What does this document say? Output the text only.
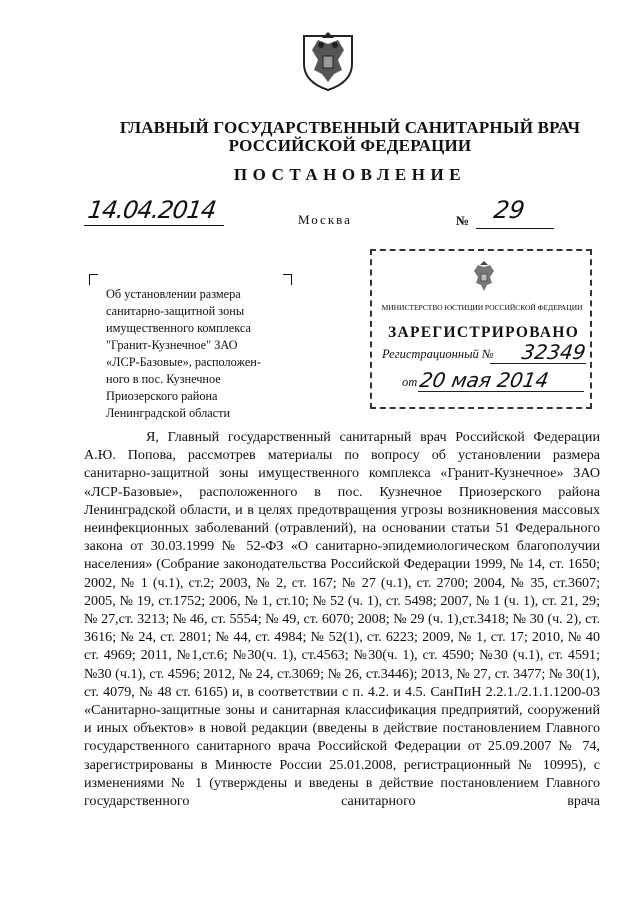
ГЛАВНЫЙ ГОСУДАРСТВЕННЫЙ САНИТАРНЫЙ ВРАЧ
РОССИЙСКОЙ ФЕДЕРАЦИИ
ПОСТАНОВЛЕНИЕ
14.04.2014	Москва	№ 29
Об установлении размера
санитарно-защитной зоны
имущественного комплекса
"Гранит-Кузнечное" ЗАО
«ЛСР-Базовые», расположен-
ного в пос. Кузнечное
Приозерского района
Ленинградской области
МИНИСТЕРСТВО ЮСТИЦИИ РОССИЙСКОЙ ФЕДЕРАЦИИ
ЗАРЕГИСТРИРОВАНО
Регистрационный № 32349
от 20 мая 2014

Я, Главный государственный санитарный врач Российской Федерации А.Ю. Попова, рассмотрев материалы по вопросу об установлении размера санитарно-защитной зоны имущественного комплекса «Гранит-Кузнечное» ЗАО «ЛСР-Базовые», расположенного в пос. Кузнечное Приозерского района Ленинградской области, и в целях предотвращения угрозы возникновения массовых неинфекционных заболеваний (отравлений), на основании статьи 51 Федерального закона от 30.03.1999 № 52-ФЗ «О санитарно-эпидемиологическом благополучии населения» (Собрание законодательства Российской Федерации 1999, № 14, ст. 1650; 2002, № 1 (ч.1), ст.2; 2003, № 2, ст. 167; № 27 (ч.1), ст. 2700; 2004, № 35, ст.3607; 2005, № 19, ст.1752; 2006, № 1, ст.10; № 52 (ч. 1), ст. 5498; 2007, № 1 (ч. 1), ст. 21, 29; № 27,ст. 3213; № 46, ст. 5554; № 49, ст. 6070; 2008; № 29 (ч. 1),ст.3418; № 30 (ч. 2), ст. 3616; № 24, ст. 2801; № 44, ст. 4984; № 52(1), ст. 6223; 2009, № 1, ст. 17; 2010, № 40 ст. 4969; 2011, №1,ст.6; №30(ч. 1), ст.4563; №30(ч. 1), ст. 4590; №30 (ч.1), ст. 4591; №30 (ч.1), ст. 4596; 2012, № 24, ст.3069; № 26, ст.3446); 2013, № 27, ст. 3477; № 30(1), ст. 4079, № 48 ст. 6165) и, в соответствии с п. 4.2. и 4.5. СанПиН 2.2.1./2.1.1.1200-03 «Санитарно-защитные зоны и санитарная классификация предприятий, сооружений и иных объектов» в новой редакции (введены в действие постановлением Главного государственного санитарного врача Российской Федерации от 25.09.2007 № 74, зарегистрированы в Минюсте России 25.01.2008, регистрационный № 10995), с изменениями № 1 (утверждены и введены в действие постановлением Главного государственного санитарного врача
